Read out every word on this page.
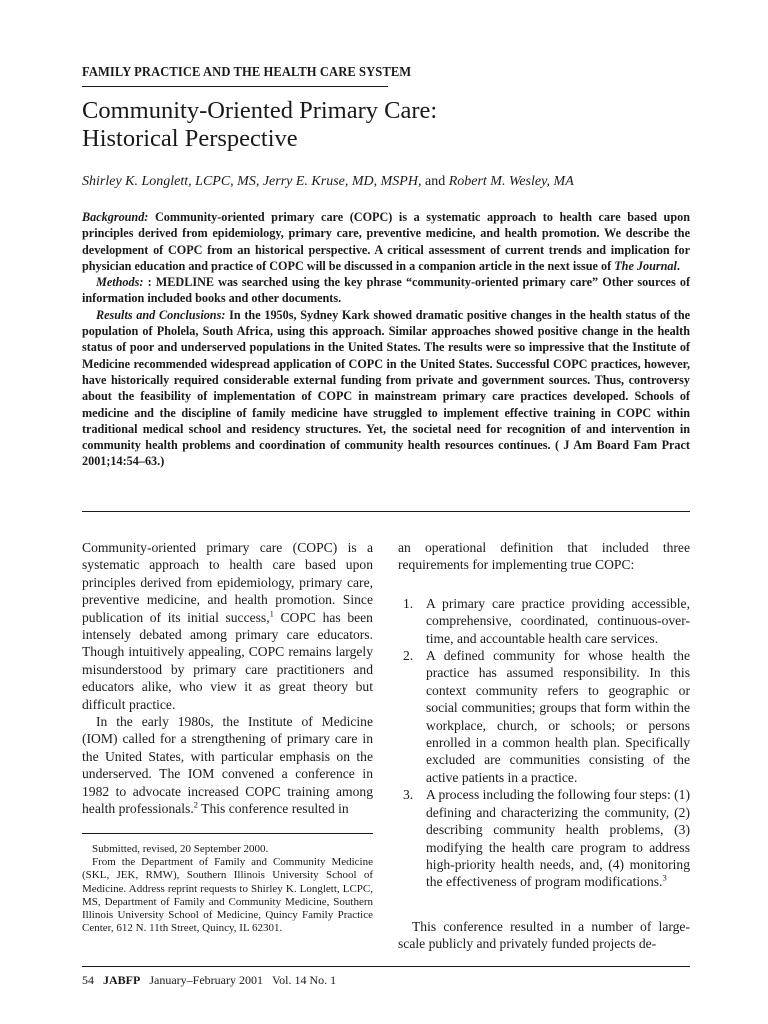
FAMILY PRACTICE AND THE HEALTH CARE SYSTEM
Community-Oriented Primary Care:
Historical Perspective
Shirley K. Longlett, LCPC, MS, Jerry E. Kruse, MD, MSPH, and Robert M. Wesley, MA

Background: Community-oriented primary care (COPC) is a systematic approach to health care based upon principles derived from epidemiology, primary care, preventive medicine, and health promotion. We describe the development of COPC from an historical perspective. A critical assessment of current trends and implication for physician education and practice of COPC will be discussed in a companion article in the next issue of The Journal.

Methods: : MEDLINE was searched using the key phrase “community-oriented primary care” Other sources of information included books and other documents.

Results and Conclusions: In the 1950s, Sydney Kark showed dramatic positive changes in the health status of the population of Pholela, South Africa, using this approach. Similar approaches showed positive change in the health status of poor and underserved populations in the United States. The results were so impressive that the Institute of Medicine recommended widespread application of COPC in the United States. Successful COPC practices, however, have historically required considerable external funding from private and government sources. Thus, controversy about the feasibility of implementation of COPC in mainstream primary care practices developed. Schools of medicine and the discipline of family medicine have struggled to implement effective training in COPC within traditional medical school and residency structures. Yet, the societal need for recognition of and intervention in community health problems and coordination of community health resources continues. ( J Am Board Fam Pract 2001;14:54–63.)

Community-oriented primary care (COPC) is a systematic approach to health care based upon principles derived from epidemiology, primary care, preventive medicine, and health promotion. Since publication of its initial success,$^1$ COPC has been intensely debated among primary care educators. Though intuitively appealing, COPC remains largely misunderstood by primary care practitioners and educators alike, who view it as great theory but difficult practice.

In the early 1980s, the Institute of Medicine (IOM) called for a strengthening of primary care in the United States, with particular emphasis on the underserved. The IOM convened a conference in 1982 to advocate increased COPC training among health professionals.$^2$ This conference resulted in

Submitted, revised, 20 September 2000.

From the Department of Family and Community Medicine (SKL, JEK, RMW), Southern Illinois University School of Medicine. Address reprint requests to Shirley K. Longlett, LCPC, MS, Department of Family and Community Medicine, Southern Illinois University School of Medicine, Quincy Family Practice Center, 612 N. 11th Street, Quincy, IL 62301.

an operational definition that included three requirements for implementing true COPC:

1. A primary care practice providing accessible, comprehensive, coordinated, continuous-over-time, and accountable health care services.
2. A defined community for whose health the practice has assumed responsibility. In this context community refers to geographic or social communities; groups that form within the workplace, church, or schools; or persons enrolled in a common health plan. Specifically excluded are communities consisting of the active patients in a practice.
3. A process including the following four steps: (1) defining and characterizing the community, (2) describing community health problems, (3) modifying the health care program to address high-priority health needs, and, (4) monitoring the effectiveness of program modifications.$^3$

This conference resulted in a number of large-scale publicly and privately funded projects de-

54 JABFP January–February 2001 Vol. 14 No. 1
